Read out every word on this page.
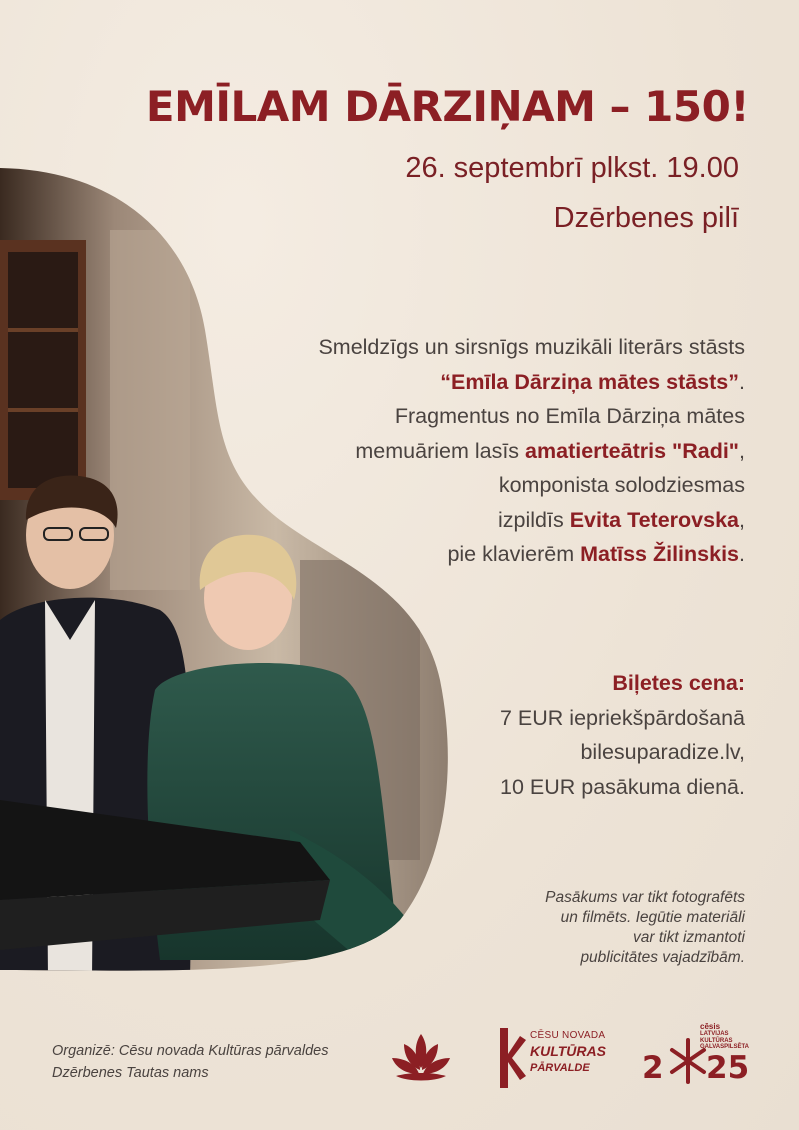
EMĪLAM DĀRZIŅAM – 150!
26. septembrī plkst. 19.00
Dzērbenes pilī
Smeldzīgs un sirsnīgs muzikāli literārs stāsts
“Emīla Dārziņa mātes stāsts”.
Fragmentus no Emīla Dārziņa mātes
memuāriem lasīs amatierteātris "Radi",
komponista solodziesmas
izpildīs Evita Teterovska,
pie klavierēm Matīss Žilinskis.
Biļetes cena:
7 EUR iepriekšpārdošanā
bilesuparadize.lv,
10 EUR pasākuma dienā.
Pasākums var tikt fotografēts
un filmēts. Iegūtie materiāli
var tikt izmantoti
publicitātes vajadzībām.
Organizē: Cēsu novada Kultūras pārvaldes
Dzērbenes Tautas nams
CĒSU NOVADA
KULTŪRAS
PĀRVALDE
cēsis
LATVIJAS
KULTŪRAS
GALVASPILSĒTA
2 25
